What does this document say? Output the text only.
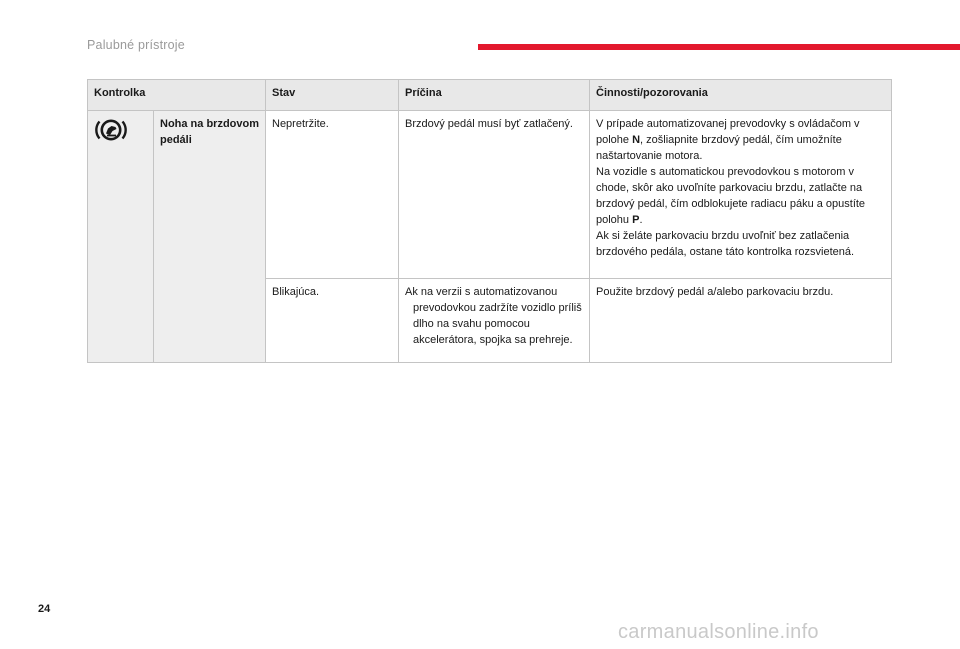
Palubné prístroje
Kontrolka		Stav	Príčina	Činnosti/pozorovania
	Noha na brzdovom pedáli	Nepretržite.	Brzdový pedál musí byť zatlačený.	V prípade automatizovanej prevodovky s ovládačom v polohe N, zošliapnite brzdový pedál, čím umožníte naštartovanie motora.
Na vozidle s automatickou prevodovkou s motorom v chode, skôr ako uvoľníte parkovaciu brzdu, zatlačte na brzdový pedál, čím odblokujete radiacu páku a opustíte polohu P.
Ak si želáte parkovaciu brzdu uvoľniť bez zatlačenia brzdového pedála, ostane táto kontrolka rozsvietená.

		Blikajúca.	Ak na verzii s automatizovanou prevodovkou zadržíte vozidlo príliš dlho na svahu pomocou akcelerátora, spojka sa prehreje.	Použite brzdový pedál a/alebo parkovaciu brzdu.
24
carmanualsonline.info
